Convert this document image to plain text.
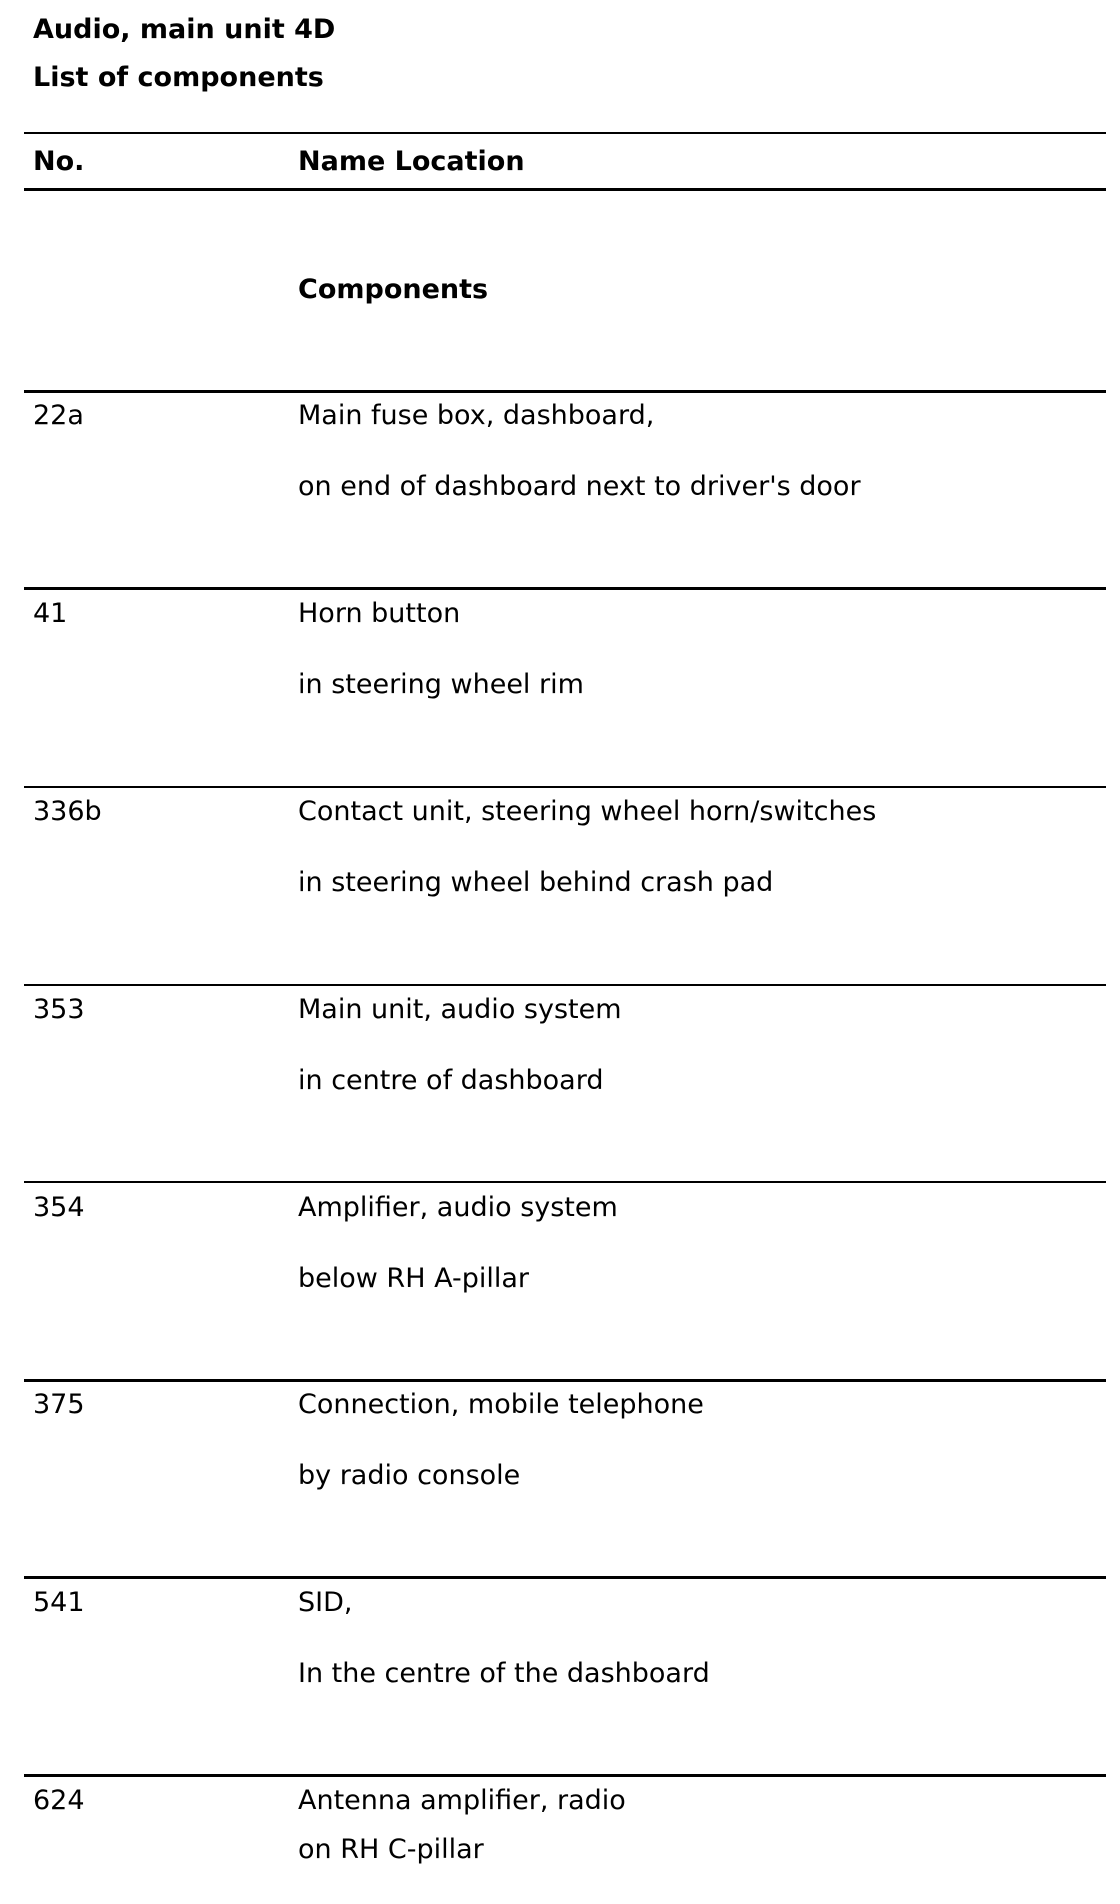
Audio, main unit 4D
List of components
No.	Name Location
Components
22a	Main fuse box, dashboard,
on end of dashboard next to driver's door
41	Horn button
in steering wheel rim
336b	Contact unit, steering wheel horn/switches
in steering wheel behind crash pad
353	Main unit, audio system
in centre of dashboard
354	Amplifier, audio system
below RH A-pillar
375	Connection, mobile telephone
by radio console
541	SID,
In the centre of the dashboard
624	Antenna amplifier, radio
on RH C-pillar
